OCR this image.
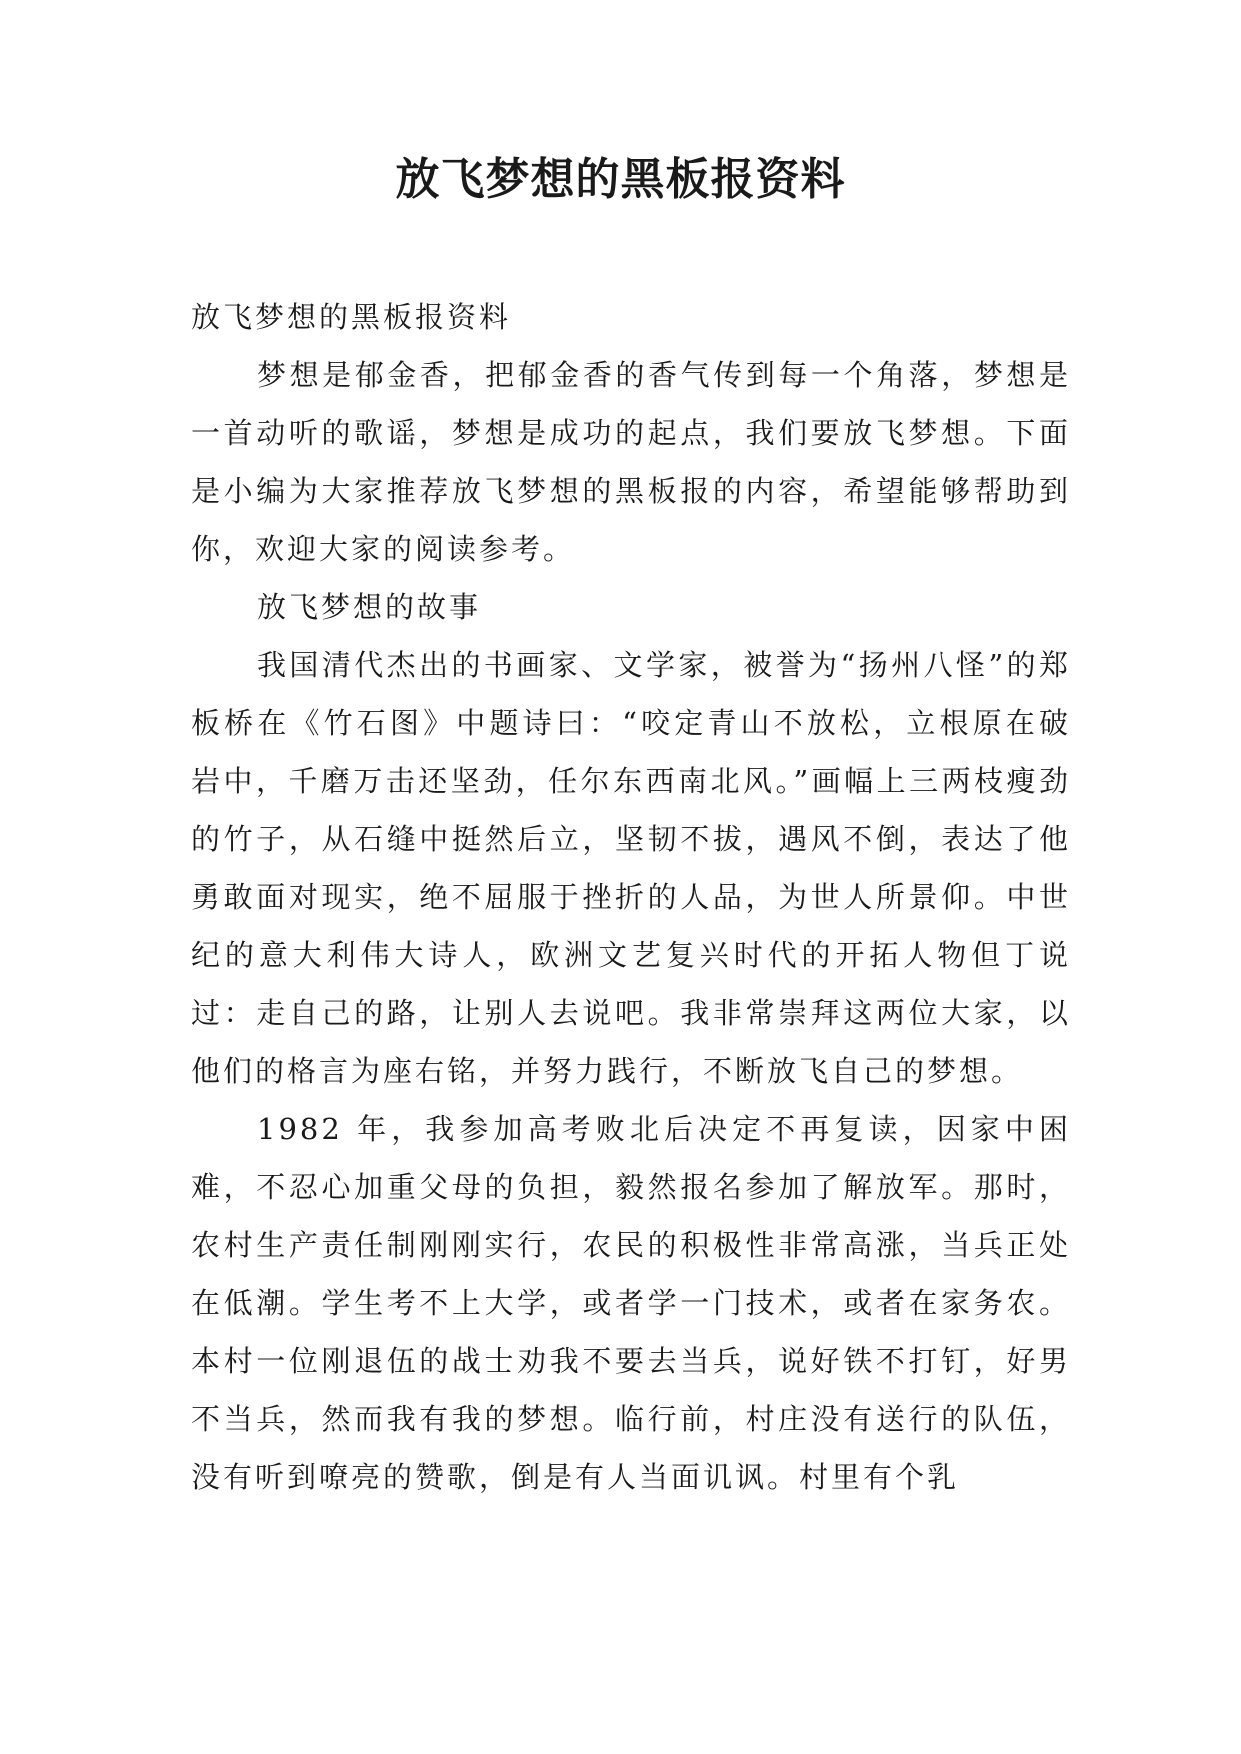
放飞梦想的黑板报资料

放飞梦想的黑板报资料

梦想是郁金香，把郁金香的香气传到每一个角落，梦想是一首动听的歌谣，梦想是成功的起点，我们要放飞梦想。下面是小编为大家推荐放飞梦想的黑板报的内容，希望能够帮助到你，欢迎大家的阅读参考。

放飞梦想的故事

我国清代杰出的书画家、文学家，被誉为“扬州八怪”的郑板桥在《竹石图》中题诗曰：“咬定青山不放松，立根原在破岩中，千磨万击还坚劲，任尔东西南北风。”画幅上三两枝瘦劲的竹子，从石缝中挺然后立，坚韧不拔，遇风不倒，表达了他勇敢面对现实，绝不屈服于挫折的人品，为世人所景仰。中世纪的意大利伟大诗人，欧洲文艺复兴时代的开拓人物但丁说过：走自己的路，让别人去说吧。我非常崇拜这两位大家，以他们的格言为座右铭，并努力践行，不断放飞自己的梦想。

1982 年，我参加高考败北后决定不再复读，因家中困难，不忍心加重父母的负担，毅然报名参加了解放军。那时，农村生产责任制刚刚实行，农民的积极性非常高涨，当兵正处在低潮。学生考不上大学，或者学一门技术，或者在家务农。本村一位刚退伍的战士劝我不要去当兵，说好铁不打钉，好男不当兵，然而我有我的梦想。临行前，村庄没有送行的队伍，没有听到嘹亮的赞歌，倒是有人当面讥讽。村里有个乳
